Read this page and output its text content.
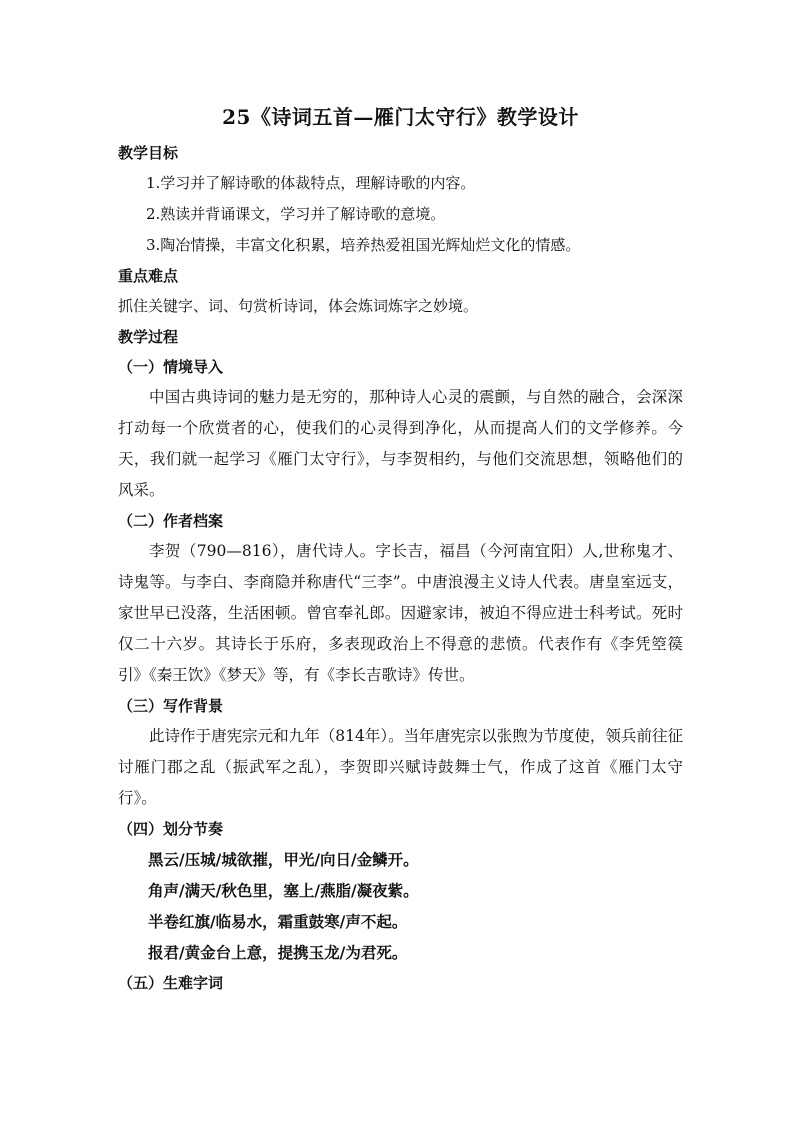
25《诗词五首—雁门太守行》教学设计
教学目标
1.学习并了解诗歌的体裁特点，理解诗歌的内容。
2.熟读并背诵课文，学习并了解诗歌的意境。
3.陶冶情操，丰富文化积累，培养热爱祖国光辉灿烂文化的情感。
重点难点
抓住关键字、词、句赏析诗词，体会炼词炼字之妙境。
教学过程
（一）情境导入

中国古典诗词的魅力是无穷的，那种诗人心灵的震颤，与自然的融合，会深深打动每一个欣赏者的心，使我们的心灵得到净化，从而提高人们的文学修养。今天，我们就一起学习《雁门太守行》，与李贺相约，与他们交流思想，领略他们的风采。

（二）作者档案

李贺（790—816），唐代诗人。字长吉，福昌（今河南宜阳）人,世称鬼才、诗鬼等。与李白、李商隐并称唐代“三李”。中唐浪漫主义诗人代表。唐皇室远支，家世早已没落，生活困顿。曾官奉礼郎。因避家讳，被迫不得应进士科考试。死时仅二十六岁。其诗长于乐府，多表现政治上不得意的悲愤。代表作有《李凭箜篌引》《秦王饮》《梦天》等，有《李长吉歌诗》传世。

（三）写作背景

此诗作于唐宪宗元和九年（814年）。当年唐宪宗以张煦为节度使，领兵前往征讨雁门郡之乱（振武军之乱），李贺即兴赋诗鼓舞士气，作成了这首《雁门太守行》。

（四）划分节奏
黑云/压城/城欲摧，甲光/向日/金鳞开。
角声/满天/秋色里，塞上/燕脂/凝夜紫。
半卷红旗/临易水，霜重鼓寒/声不起。
报君/黄金台上意，提携玉龙/为君死。
（五）生难字词
